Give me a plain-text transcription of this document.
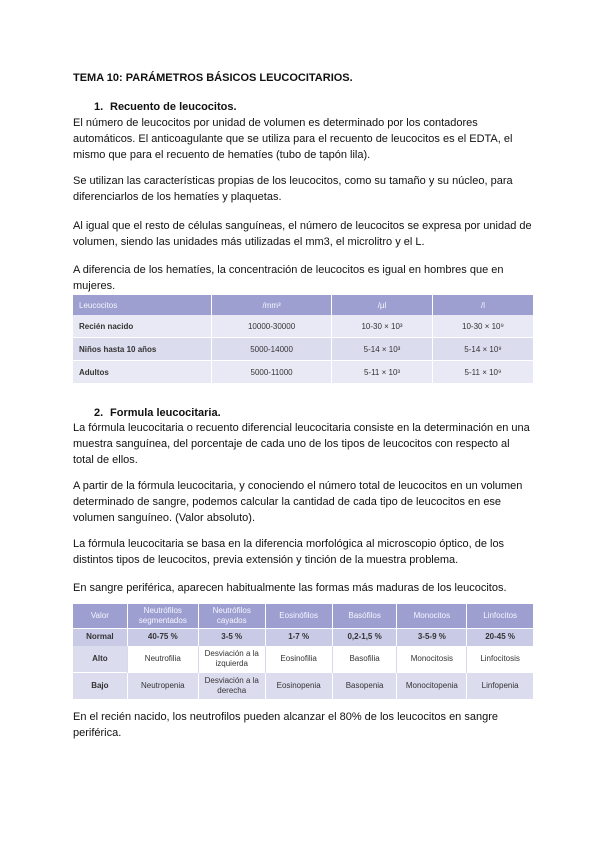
TEMA 10: PARÁMETROS BÁSICOS LEUCOCITARIOS.
1. Recuento de leucocitos.

El número de leucocitos por unidad de volumen es determinado por los contadores automáticos. El anticoagulante que se utiliza para el recuento de leucocitos es el EDTA, el mismo que para el recuento de hematíes (tubo de tapón lila).

Se utilizan las características propias de los leucocitos, como su tamaño y su núcleo, para diferenciarlos de los hematíes y plaquetas.

Al igual que el resto de células sanguíneas, el número de leucocitos se expresa por unidad de volumen, siendo las unidades más utilizadas el mm3, el microlitro y el L.

A diferencia de los hematíes, la concentración de leucocitos es igual en hombres que en mujeres.

Leucocitos	/mm³	/µl	/l
Recién nacido	10000-30000	10-30 × 10³	10-30 × 10⁹
Niños hasta 10 años	5000-14000	5-14 × 10³	5-14 × 10⁹
Adultos	5000-11000	5-11 × 10³	5-11 × 10⁹
2. Formula leucocitaria.

La fórmula leucocitaria o recuento diferencial leucocitaria consiste en la determinación en una muestra sanguínea, del porcentaje de cada uno de los tipos de leucocitos con respecto al total de ellos.

A partir de la fórmula leucocitaria, y conociendo el número total de leucocitos en un volumen determinado de sangre, podemos calcular la cantidad de cada tipo de leucocitos en ese volumen sanguíneo. (Valor absoluto).

La fórmula leucocitaria se basa en la diferencia morfológica al microscopio óptico, de los distintos tipos de leucocitos, previa extensión y tinción de la muestra problema.

En sangre periférica, aparecen habitualmente las formas más maduras de los leucocitos.

Valor	Neutrófilos segmentados	Neutrófilos cayados	Eosinófilos	Basófilos	Monocitos	Linfocitos
Normal	40-75 %	3-5 %	1-7 %	0,2-1,5 %	3-5-9 %	20-45 %
Alto	Neutrofilia	Desviación a la izquierda	Eosinofilia	Basofilia	Monocitosis	Linfocitosis
Bajo	Neutropenia	Desviación a la derecha	Eosinopenia	Basopenia	Monocitopenia	Linfopenia

En el recién nacido, los neutrofilos pueden alcanzar el 80% de los leucocitos en sangre periférica.
